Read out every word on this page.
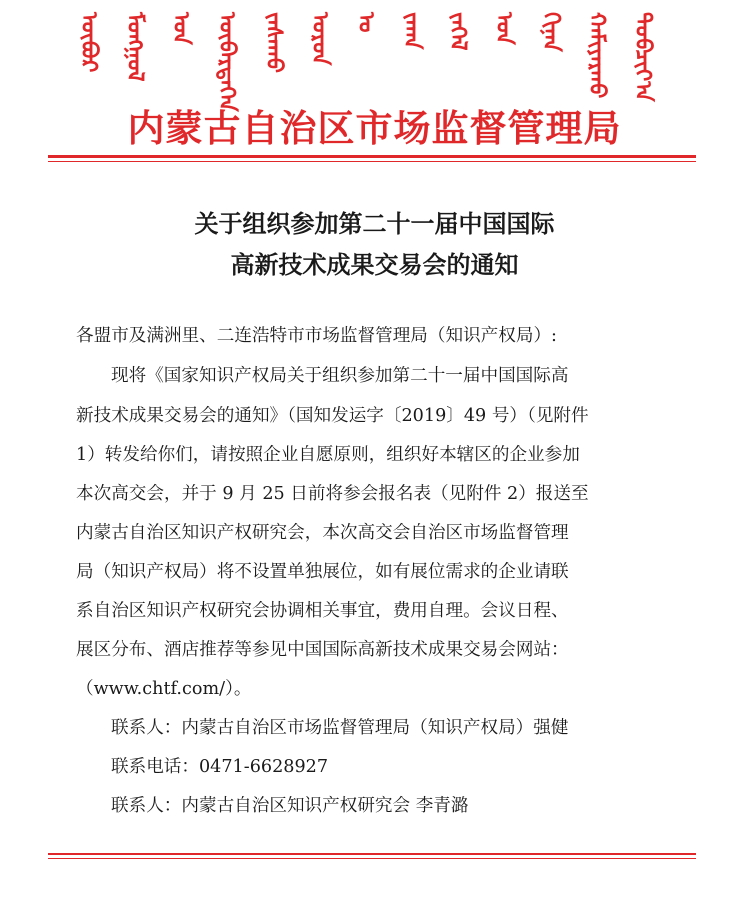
ᠥᠪᠦᠷ ᠮᠣᠩᠭᠣᠯ ᠤᠨ ᠥᠪᠡᠷᠳᠡᠭᠡᠨ ᠵᠠᠰᠠᠬᠤ ᠣᠷᠣᠨ ᠤ ᠵᠠᠬᠠ ᠵᠡᠭᠡᠯ ᠤᠨ ᠬᠢᠨᠠᠨ ᠬᠠᠮᠢᠶᠠᠷᠬᠤ ᠲᠣᠪᠴᠢᠶ᠎ᠠ
内蒙古自治区市场监督管理局
关于组织参加第二十一届中国国际
高新技术成果交易会的通知
各盟市及满洲里、二连浩特市市场监督管理局（知识产权局）:
现将《国家知识产权局关于组织参加第二十一届中国国际高
新技术成果交易会的通知》（国知发运字〔2019〕49 号）（见附件
1）转发给你们，请按照企业自愿原则，组织好本辖区的企业参加
本次高交会，并于 9 月 25 日前将参会报名表（见附件 2）报送至
内蒙古自治区知识产权研究会，本次高交会自治区市场监督管理
局（知识产权局）将不设置单独展位，如有展位需求的企业请联
系自治区知识产权研究会协调相关事宜，费用自理。会议日程、
展区分布、酒店推荐等参见中国国际高新技术成果交易会网站：
（www.chtf.com/）。
联系人：内蒙古自治区市场监督管理局（知识产权局）强健
联系电话：0471-6628927
联系人：内蒙古自治区知识产权研究会 李青潞
